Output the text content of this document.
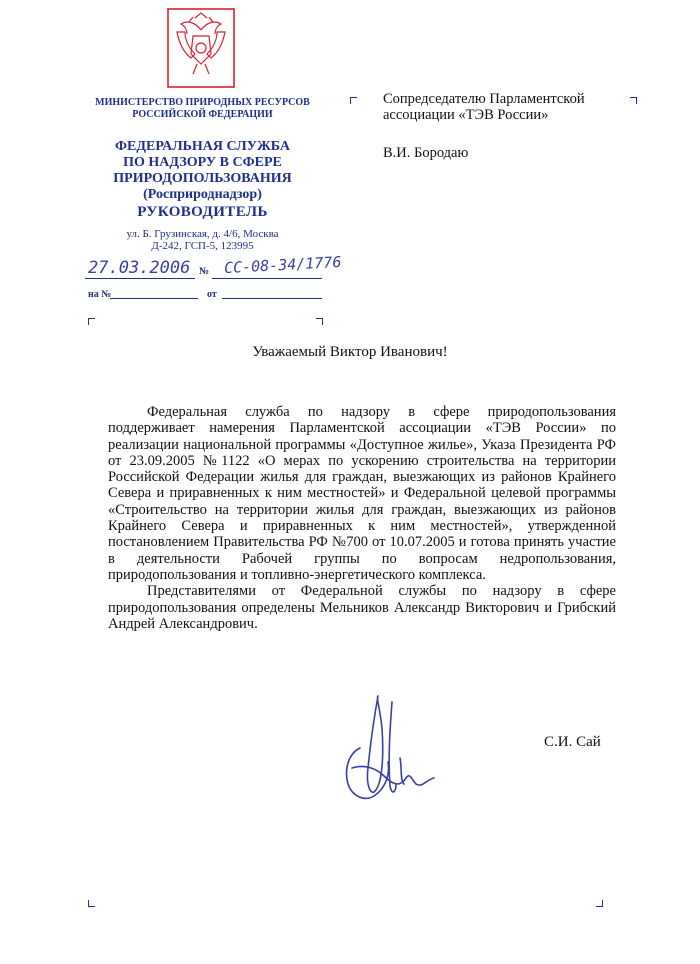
МИНИСТЕРСТВО ПРИРОДНЫХ РЕСУРСОВ
РОССИЙСКОЙ ФЕДЕРАЦИИ
ФЕДЕРАЛЬНАЯ СЛУЖБА
ПО НАДЗОРУ В СФЕРЕ
ПРИРОДОПОЛЬЗОВАНИЯ
(Росприроднадзор)
РУКОВОДИТЕЛЬ
ул. Б. Грузинская, д. 4/6, Москва
Д-242, ГСП-5, 123995
27.03.2006 № СС-08-34/1776
на №	от
Сопредседателю Парламентской
ассоциации «ТЭВ России»
В.И. Бородаю
Уважаемый Виктор Иванович!

Федеральная служба по надзору в сфере природопользования поддерживает намерения Парламентской ассоциации «ТЭВ России» по реализации национальной программы «Доступное жилье», Указа Президента РФ от 23.09.2005 №1122 «О мерах по ускорению строительства на территории Российской Федерации жилья для граждан, выезжающих из районов Крайнего Севера и приравненных к ним местностей» и Федеральной целевой программы «Строительство на территории жилья для граждан, выезжающих из районов Крайнего Севера и приравненных к ним местностей», утвержденной постановлением Правительства РФ №700 от 10.07.2005 и готова принять участие в деятельности Рабочей группы по вопросам недропользования, природопользования и топливно-энергетического комплекса.

Представителями от Федеральной службы по надзору в сфере природопользования определены Мельников Александр Викторович и Грибский Андрей Александрович.

С.И. Сай
